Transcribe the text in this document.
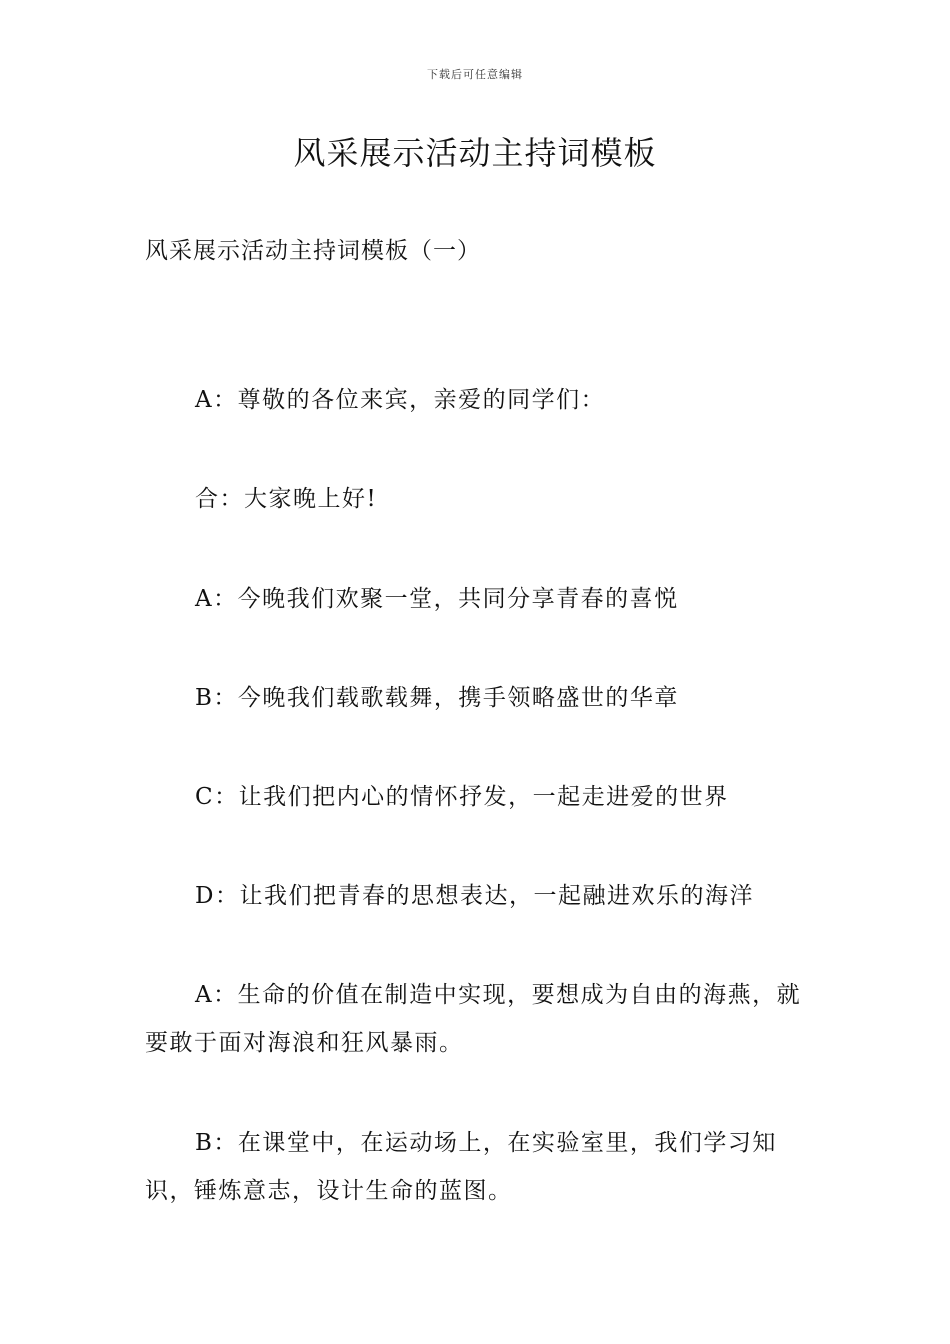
下载后可任意编辑
风采展示活动主持词模板

风采展示活动主持词模板（一）

A：尊敬的各位来宾，亲爱的同学们：

合：大家晚上好!

A：今晚我们欢聚一堂，共同分享青春的喜悦

B：今晚我们载歌载舞，携手领略盛世的华章

C：让我们把内心的情怀抒发，一起走进爱的世界

D：让我们把青春的思想表达，一起融进欢乐的海洋

A：生命的价值在制造中实现，要想成为自由的海燕，就要敢于面对海浪和狂风暴雨。

B：在课堂中，在运动场上，在实验室里，我们学习知识，锤炼意志，设计生命的蓝图。
